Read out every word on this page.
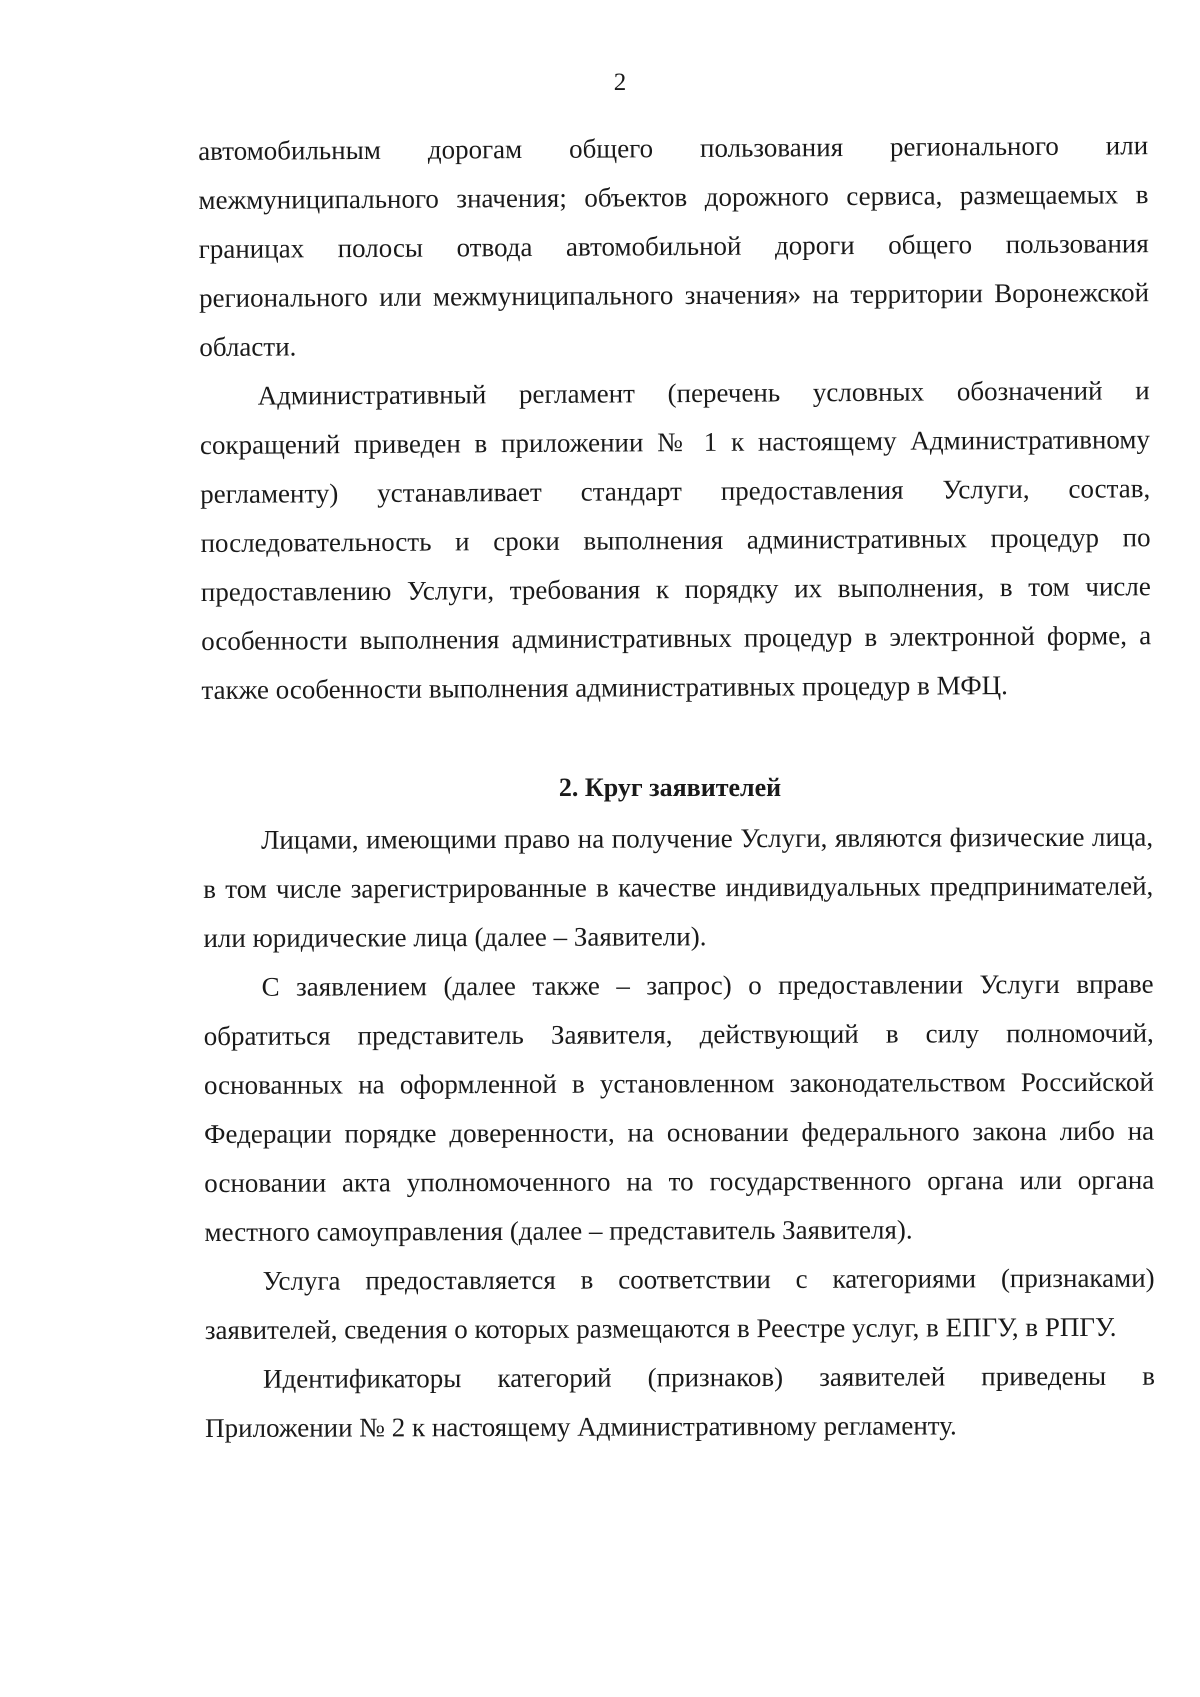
2

автомобильным дорогам общего пользования регионального или межмуниципального значения; объектов дорожного сервиса, размещаемых в границах полосы отвода автомобильной дороги общего пользования регионального или межмуниципального значения» на территории Воронежской области.

Административный регламент (перечень условных обозначений и сокращений приведен в приложении № 1 к настоящему Административному регламенту) устанавливает стандарт предоставления Услуги, состав, последовательность и сроки выполнения административных процедур по предоставлению Услуги, требования к порядку их выполнения, в том числе особенности выполнения административных процедур в электронной форме, а также особенности выполнения административных процедур в МФЦ.

2. Круг заявителей

Лицами, имеющими право на получение Услуги, являются физические лица, в том числе зарегистрированные в качестве индивидуальных предпринимателей, или юридические лица (далее – Заявители).

С заявлением (далее также – запрос) о предоставлении Услуги вправе обратиться представитель Заявителя, действующий в силу полномочий, основанных на оформленной в установленном законодательством Российской Федерации порядке доверенности, на основании федерального закона либо на основании акта уполномоченного на то государственного органа или органа местного самоуправления (далее – представитель Заявителя).

Услуга предоставляется в соответствии с категориями (признаками) заявителей, сведения о которых размещаются в Реестре услуг, в ЕПГУ, в РПГУ.

Идентификаторы категорий (признаков) заявителей приведены в Приложении № 2 к настоящему Административному регламенту.
